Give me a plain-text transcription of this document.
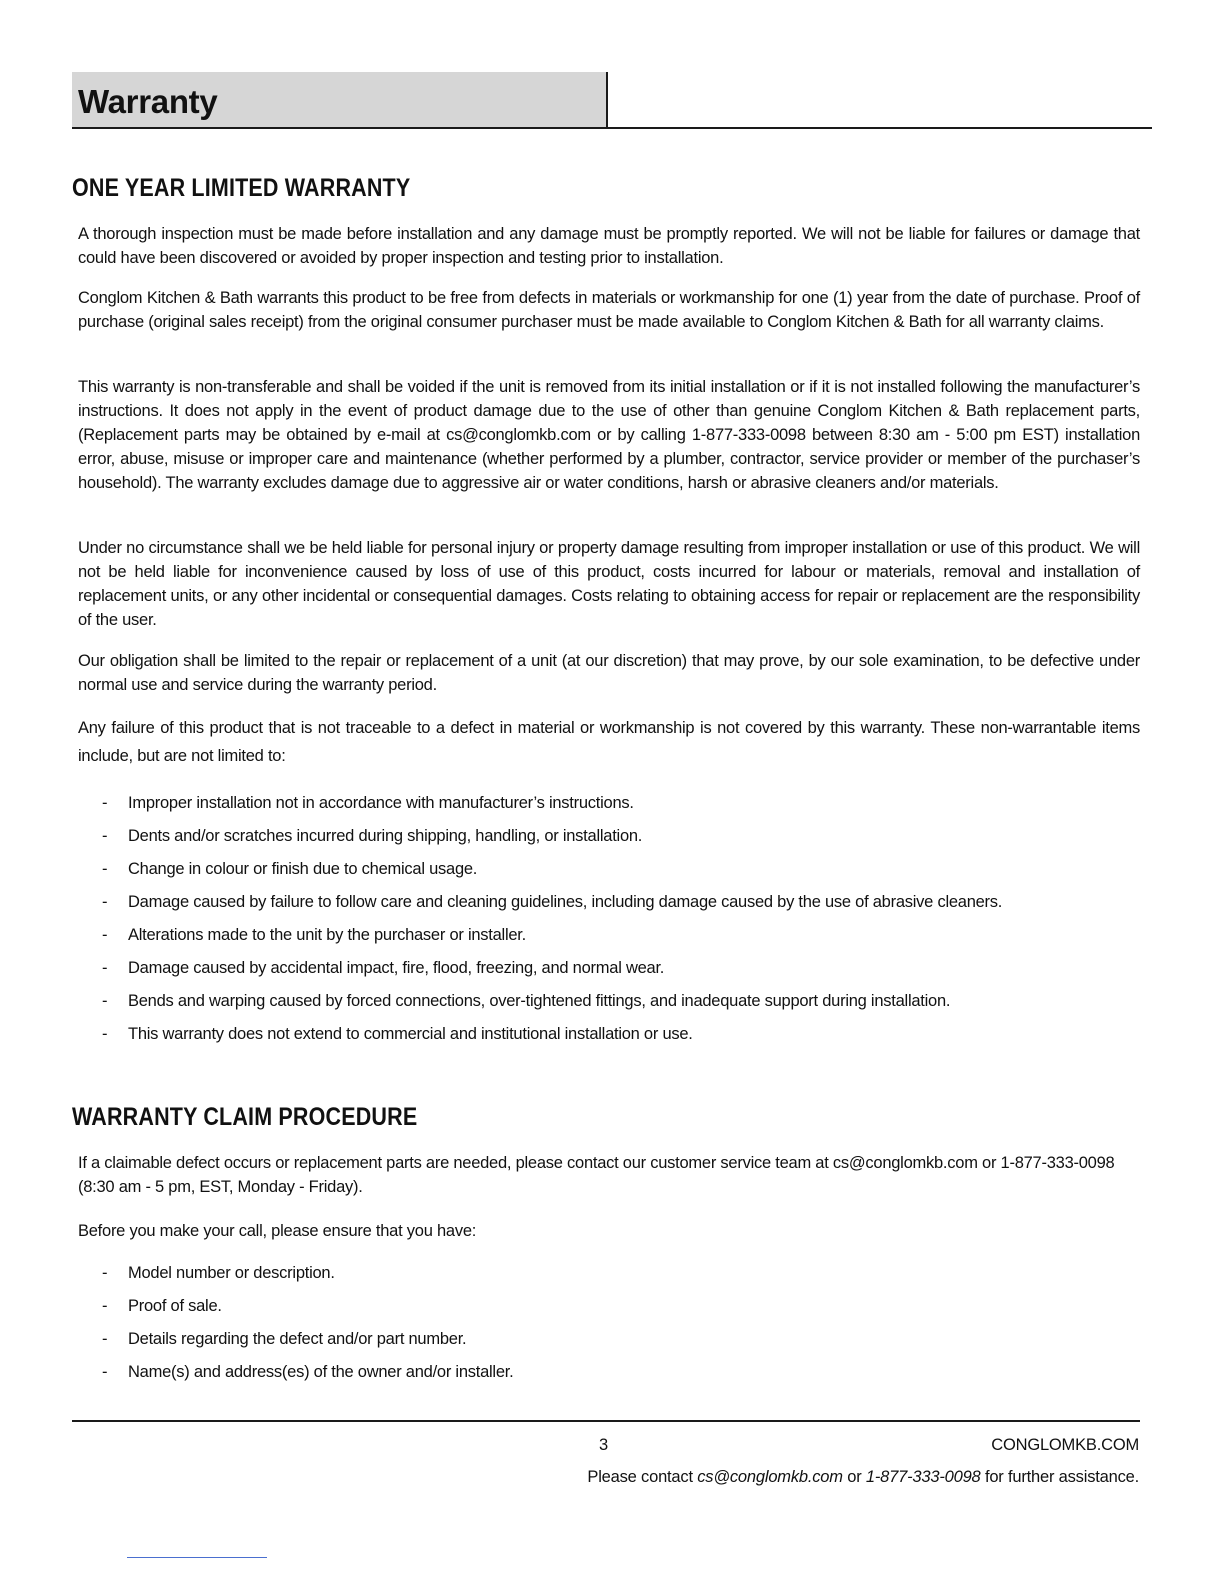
Warranty
ONE YEAR LIMITED WARRANTY

A thorough inspection must be made before installation and any damage must be promptly reported. We will not be liable for failures or damage that could have been discovered or avoided by proper inspection and testing prior to installation.

Conglom Kitchen & Bath warrants this product to be free from defects in materials or workmanship for one (1) year from the date of purchase. Proof of purchase (original sales receipt) from the original consumer purchaser must be made available to Conglom Kitchen & Bath for all warranty claims.

This warranty is non-transferable and shall be voided if the unit is removed from its initial installation or if it is not installed following the manufacturer’s instructions. It does not apply in the event of product damage due to the use of other than genuine Conglom Kitchen & Bath replacement parts, (Replacement parts may be obtained by e-mail at cs@conglomkb.com or by calling 1-877-333-0098 between 8:30 am - 5:00 pm EST) installation error, abuse, misuse or improper care and maintenance (whether performed by a plumber, contractor, service provider or member of the purchaser’s household). The warranty excludes damage due to aggressive air or water conditions, harsh or abrasive cleaners and/or materials.

Under no circumstance shall we be held liable for personal injury or property damage resulting from improper installation or use of this product. We will not be held liable for inconvenience caused by loss of use of this product, costs incurred for labour or materials, removal and installation of replacement units, or any other incidental or consequential damages. Costs relating to obtaining access for repair or replacement are the responsibility of the user.

Our obligation shall be limited to the repair or replacement of a unit (at our discretion) that may prove, by our sole examination, to be defective under normal use and service during the warranty period.

Any failure of this product that is not traceable to a defect in material or workmanship is not covered by this warranty. These non-warrantable items include, but are not limited to:

- Improper installation not in accordance with manufacturer’s instructions.
- Dents and/or scratches incurred during shipping, handling, or installation.
- Change in colour or finish due to chemical usage.
- Damage caused by failure to follow care and cleaning guidelines, including damage caused by the use of abrasive cleaners.
- Alterations made to the unit by the purchaser or installer.
- Damage caused by accidental impact, fire, flood, freezing, and normal wear.
- Bends and warping caused by forced connections, over-tightened fittings, and inadequate support during installation.
- This warranty does not extend to commercial and institutional installation or use.
WARRANTY CLAIM PROCEDURE

If a claimable defect occurs or replacement parts are needed, please contact our customer service team at cs@conglomkb.com or 1-877-333-0098 (8:30 am - 5 pm, EST, Monday - Friday).

Before you make your call, please ensure that you have:

- Model number or description.
- Proof of sale.
- Details regarding the defect and/or part number.
- Name(s) and address(es) of the owner and/or installer.
3	CONGLOMKB.COM
Please contact cs@conglomkb.com or 1-877-333-0098 for further assistance.
